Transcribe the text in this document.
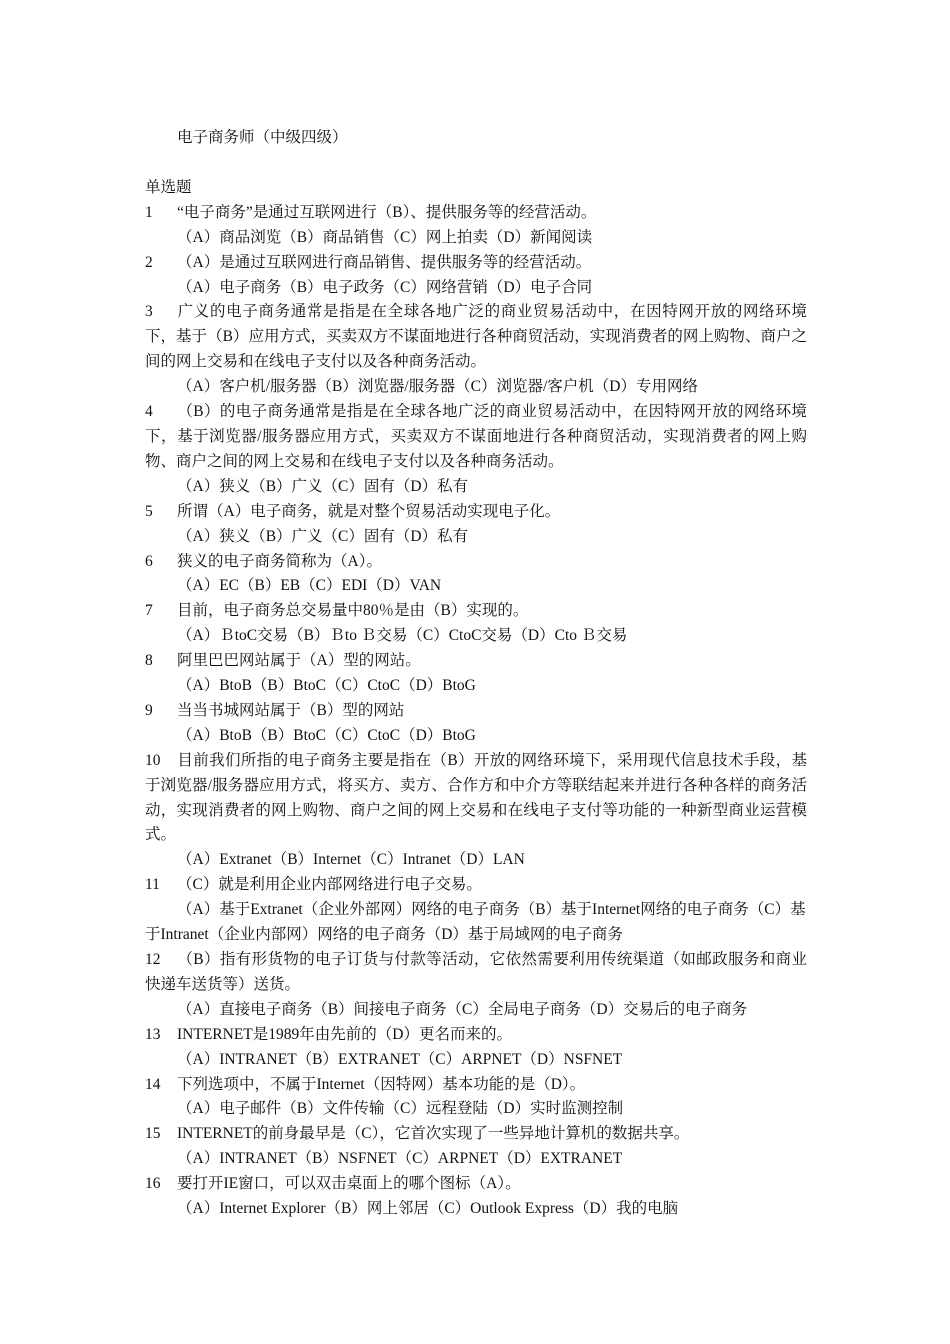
电子商务师（中级四级）

单选题

1 “电子商务”是通过互联网进行（B）、提供服务等的经营活动。

（A）商品浏览（B）商品销售（C）网上拍卖（D）新闻阅读

2 （A）是通过互联网进行商品销售、提供服务等的经营活动。

（A）电子商务（B）电子政务（C）网络营销（D）电子合同

3 广义的电子商务通常是指是在全球各地广泛的商业贸易活动中，在因特网开放的网络环境下，基于（B）应用方式，买卖双方不谋面地进行各种商贸活动，实现消费者的网上购物、商户之间的网上交易和在线电子支付以及各种商务活动。

（A）客户机/服务器（B）浏览器/服务器（C）浏览器/客户机（D）专用网络

4 （B）的电子商务通常是指是在全球各地广泛的商业贸易活动中，在因特网开放的网络环境下，基于浏览器/服务器应用方式，买卖双方不谋面地进行各种商贸活动，实现消费者的网上购物、商户之间的网上交易和在线电子支付以及各种商务活动。

（A）狭义（B）广义（C）固有（D）私有

5 所谓（A）电子商务，就是对整个贸易活动实现电子化。

（A）狭义（B）广义（C）固有（D）私有

6 狭义的电子商务简称为（A）。

（A）EC（B）EB（C）EDI（D）VAN

7 目前，电子商务总交易量中80％是由（B）实现的。

（A）ＢtoC交易（B）Ｂto Ｂ交易（C）CtoC交易（D）Cto Ｂ交易

8 阿里巴巴网站属于（A）型的网站。

（A）BtoB（B）BtoC（C）CtoC（D）BtoG

9 当当书城网站属于（B）型的网站

（A）BtoB（B）BtoC（C）CtoC（D）BtoG

10 目前我们所指的电子商务主要是指在（B）开放的网络环境下，采用现代信息技术手段，基于浏览器/服务器应用方式，将买方、卖方、合作方和中介方等联结起来并进行各种各样的商务活动，实现消费者的网上购物、商户之间的网上交易和在线电子支付等功能的一种新型商业运营模式。

（A）Extranet（B）Internet（C）Intranet（D）LAN

11 （C）就是利用企业内部网络进行电子交易。

（A）基于Extranet（企业外部网）网络的电子商务（B）基于Internet网络的电子商务（C）基于Intranet（企业内部网）网络的电子商务（D）基于局域网的电子商务

12 （B）指有形货物的电子订货与付款等活动，它依然需要利用传统渠道（如邮政服务和商业快递车送货等）送货。

（A）直接电子商务（B）间接电子商务（C）全局电子商务（D）交易后的电子商务

13 INTERNET是1989年由先前的（D）更名而来的。

（A）INTRANET（B）EXTRANET（C）ARPNET（D）NSFNET

14 下列选项中，不属于Internet（因特网）基本功能的是（D）。

（A）电子邮件（B）文件传输（C）远程登陆（D）实时监测控制

15 INTERNET的前身最早是（C），它首次实现了一些异地计算机的数据共享。

（A）INTRANET（B）NSFNET（C）ARPNET（D）EXTRANET

16 要打开IE窗口，可以双击桌面上的哪个图标（A）。

（A）Internet Explorer（B）网上邻居（C）Outlook Express（D）我的电脑
